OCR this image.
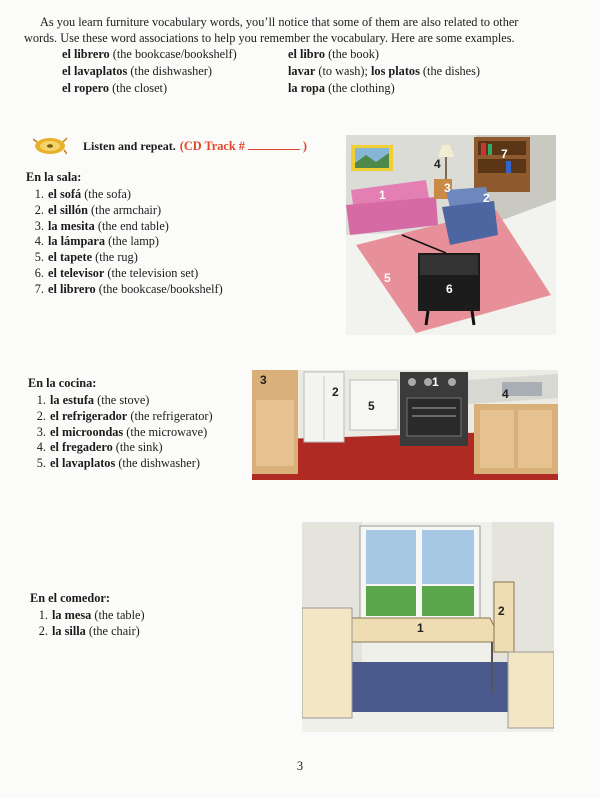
As you learn furniture vocabulary words, you’ll notice that some of them are also related to other

words. Use these word associations to help you remember the vocabulary. Here are some examples.

el librero (the bookcase/bookshelf)	el libro (the book)
el lavaplatos (the dishwasher)	lavar (to wash); los platos (the dishes)
el ropero (the closet)	la ropa (the clothing)
Listen and repeat. (CD Track #	)
En la sala:
1. el sofá (the sofa)
2. el sillón (the armchair)
3. la mesita (the end table)
4. la lámpara (the lamp)
5. el tapete (the rug)
6. el televisor (the television set)
7. el librero (the bookcase/bookshelf)
1	2
3
4
5
6
7
En la cocina:
1. la estufa (the stove)
2. el refrigerador (the refrigerator)
3. el microondas (the microwave)
4. el fregadero (the sink)
5. el lavaplatos (the dishwasher)
3
2
5
1
4
En el comedor:
1. la mesa (the table)
2. la silla (the chair)	1
2
3
